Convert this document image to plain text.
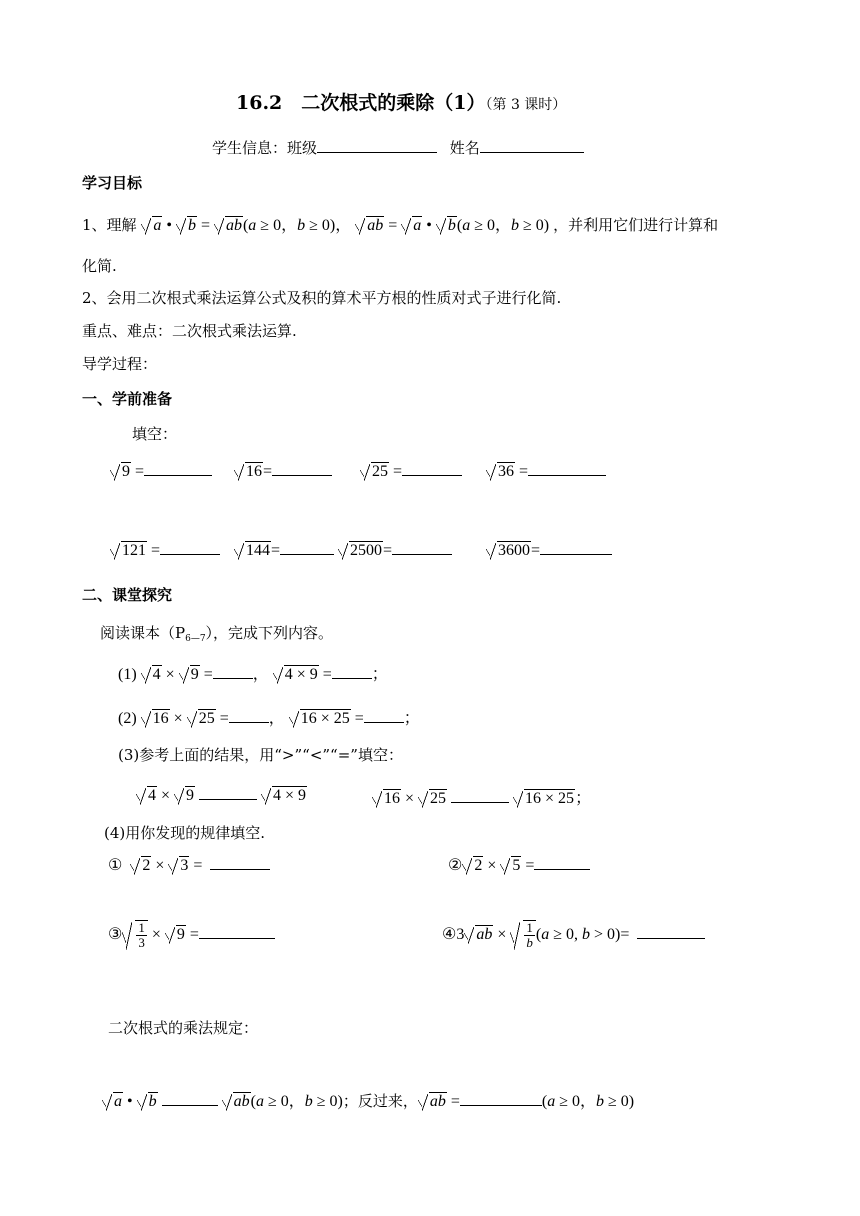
16.2　二次根式的乘除（1）（第 3 课时）
学生信息：班级	姓名
学习目标
1、理解 a • b = ab(a ≥ 0，b ≥ 0)， ab = a • b(a ≥ 0，b ≥ 0) ，并利用它们进行计算和
化简.
2、会用二次根式乘法运算公式及积的算术平方根的性质对式子进行化简.
重点、难点：二次根式乘法运算.
导学过程：
一、学前准备
填空：
9 =	16=	25 =	36 =
121 =	144=	2500=	3600=
二、课堂探究
阅读课本$(P_{6—7})$，完成下列内容。
(1) 4 × 9 =	， 4 × 9 =	；
(2) 16 × 25 =	， 16 × 25 =	；
(3)参考上面的结果，用“>”“<”“=”填空：
4 × 9	4 × 9	16 × 25	16 × 25；
(4)用你发现的规律填空.
① 2 × 3 =	② 2 × 5 =
③ $\frac{1}{3} \times 9$ =	④3 ab × $\frac{1}{b} (a \ge 0$, b > 0)=
二次根式的乘法规定：
a • b	ab(a ≥ 0，b ≥ 0)；反过来， ab =	(a ≥ 0，b ≥ 0)
